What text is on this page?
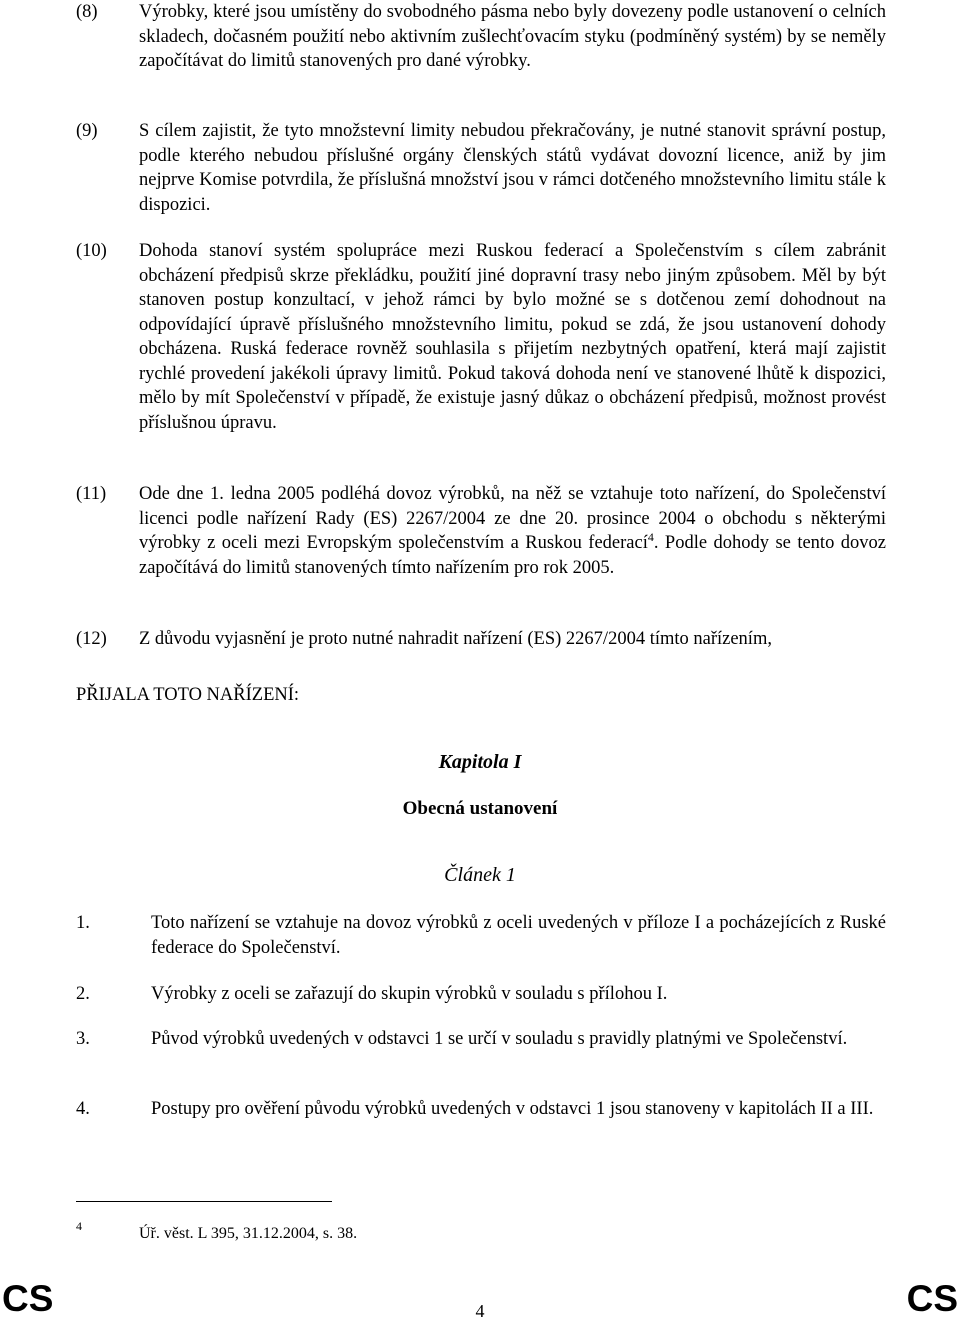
(8)	Výrobky, které jsou umístěny do svobodného pásma nebo byly dovezeny podle ustanovení o celních skladech, dočasném použití nebo aktivním zušlechťovacím styku (podmíněný systém) by se neměly započítávat do limitů stanovených pro dané výrobky.
(9)	S cílem zajistit, že tyto množstevní limity nebudou překračovány, je nutné stanovit správní postup, podle kterého nebudou příslušné orgány členských států vydávat dovozní licence, aniž by jim nejprve Komise potvrdila, že příslušná množství jsou v rámci dotčeného množstevního limitu stále k dispozici.
(10)	Dohoda stanoví systém spolupráce mezi Ruskou federací a Společenstvím s cílem zabránit obcházení předpisů skrze překládku, použití jiné dopravní trasy nebo jiným způsobem. Měl by být stanoven postup konzultací, v jehož rámci by bylo možné se s dotčenou zemí dohodnout na odpovídající úpravě příslušného množstevního limitu, pokud se zdá, že jsou ustanovení dohody obcházena. Ruská federace rovněž souhlasila s přijetím nezbytných opatření, která mají zajistit rychlé provedení jakékoli úpravy limitů. Pokud taková dohoda není ve stanovené lhůtě k dispozici, mělo by mít Společenství v případě, že existuje jasný důkaz o obcházení předpisů, možnost provést příslušnou úpravu.
(11)	Ode dne 1. ledna 2005 podléhá dovoz výrobků, na něž se vztahuje toto nařízení, do Společenství licenci podle nařízení Rady (ES) 2267/2004 ze dne 20. prosince 2004 o obchodu s některými výrobky z oceli mezi Evropským společenstvím a Ruskou federací$^4$. Podle dohody se tento dovoz započítává do limitů stanovených tímto nařízením pro rok 2005.
(12)	Z důvodu vyjasnění je proto nutné nahradit nařízení (ES) 2267/2004 tímto nařízením,
PŘIJALA TOTO NAŘÍZENÍ:
Kapitola I
Obecná ustanovení
Článek 1
1.	Toto nařízení se vztahuje na dovoz výrobků z oceli uvedených v příloze I a pocházejících z Ruské federace do Společenství.
2.	Výrobky z oceli se zařazují do skupin výrobků v souladu s přílohou I.
3.	Původ výrobků uvedených v odstavci 1 se určí v souladu s pravidly platnými ve Společenství.
4.	Postupy pro ověření původu výrobků uvedených v odstavci 1 jsou stanoveny v kapitolách II a III.
4	Úř. věst. L 395, 31.12.2004, s. 38.
CS	4	CS
